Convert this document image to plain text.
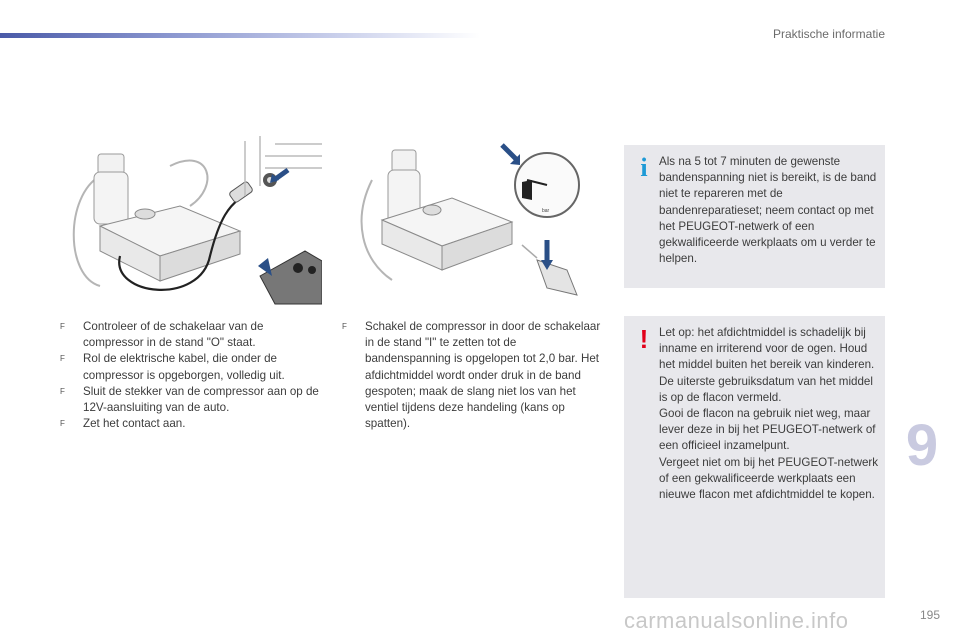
Praktische informatie
bar

F Controleer of de schakelaar van de compressor in de stand "O" staat.

F Rol de elektrische kabel, die onder de compressor is opgeborgen, volledig uit.

F Sluit de stekker van de compressor aan op de 12V-aansluiting van de auto.

F Zet het contact aan.

F Schakel de compressor in door de schakelaar in de stand "I" te zetten tot de bandenspanning is opgelopen tot 2,0 bar. Het afdichtmiddel wordt onder druk in de band gespoten; maak de slang niet los van het ventiel tijdens deze handeling (kans op spatten).

i Als na 5 tot 7 minuten de gewenste bandenspanning niet is bereikt, is de band niet te repareren met de bandenreparatieset; neem contact op met het PEUGEOT-netwerk of een gekwalificeerde werkplaats om u verder te helpen.
! Let op: het afdichtmiddel is schadelijk bij inname en irriterend voor de ogen. Houd het middel buiten het bereik van kinderen.
De uiterste gebruiksdatum van het middel is op de flacon vermeld.
Gooi de flacon na gebruik niet weg, maar lever deze in bij het PEUGEOT-netwerk of een officieel inzamelpunt.
Vergeet niet om bij het PEUGEOT-netwerk of een gekwalificeerde werkplaats een nieuwe flacon met afdichtmiddel te kopen.
9
carmanualsonline.info	195
